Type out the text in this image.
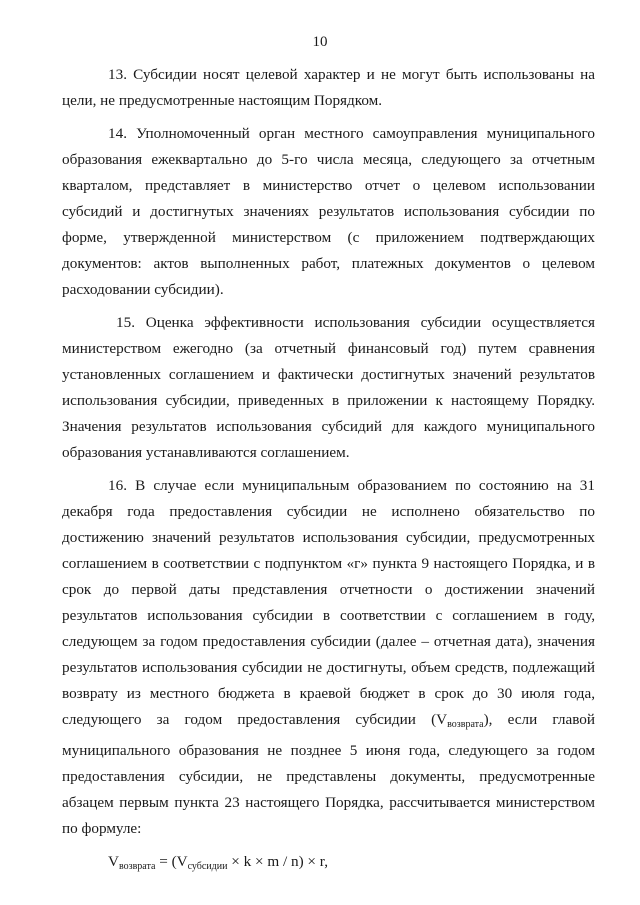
10

13. Субсидии носят целевой характер и не могут быть использованы на цели, не предусмотренные настоящим Порядком.

14. Уполномоченный орган местного самоуправления муниципального образования ежеквартально до 5-го числа месяца, следующего за отчетным кварталом, представляет в министерство отчет о целевом использовании субсидий и достигнутых значениях результатов использования субсидии по форме, утвержденной министерством (с приложением подтверждающих документов: актов выполненных работ, платежных документов о целевом расходовании субсидии).

15. Оценка эффективности использования субсидии осуществляется министерством ежегодно (за отчетный финансовый год) путем сравнения установленных соглашением и фактически достигнутых значений результатов использования субсидии, приведенных в приложении к настоящему Порядку. Значения результатов использования субсидий для каждого муниципального образования устанавливаются соглашением.

16. В случае если муниципальным образованием по состоянию на 31 декабря года предоставления субсидии не исполнено обязательство по достижению значений результатов использования субсидии, предусмотренных соглашением в соответствии с подпунктом «г» пункта 9 настоящего Порядка, и в срок до первой даты представления отчетности о достижении значений результатов использования субсидии в соответствии с соглашением в году, следующем за годом предоставления субсидии (далее – отчетная дата), значения результатов использования субсидии не достигнуты, объем средств, подлежащий возврату из местного бюджета в краевой бюджет в срок до 30 июля года, следующего за годом предоставления субсидии $(V_{возврата})$, если главой муниципального образования не позднее 5 июня года, следующего за годом предоставления субсидии, не представлены документы, предусмотренные абзацем первым пункта 23 настоящего Порядка, рассчитывается министерством по формуле:

$V_{возврата} = (V_{субсидии} \times k \times m / n) \times r$,
